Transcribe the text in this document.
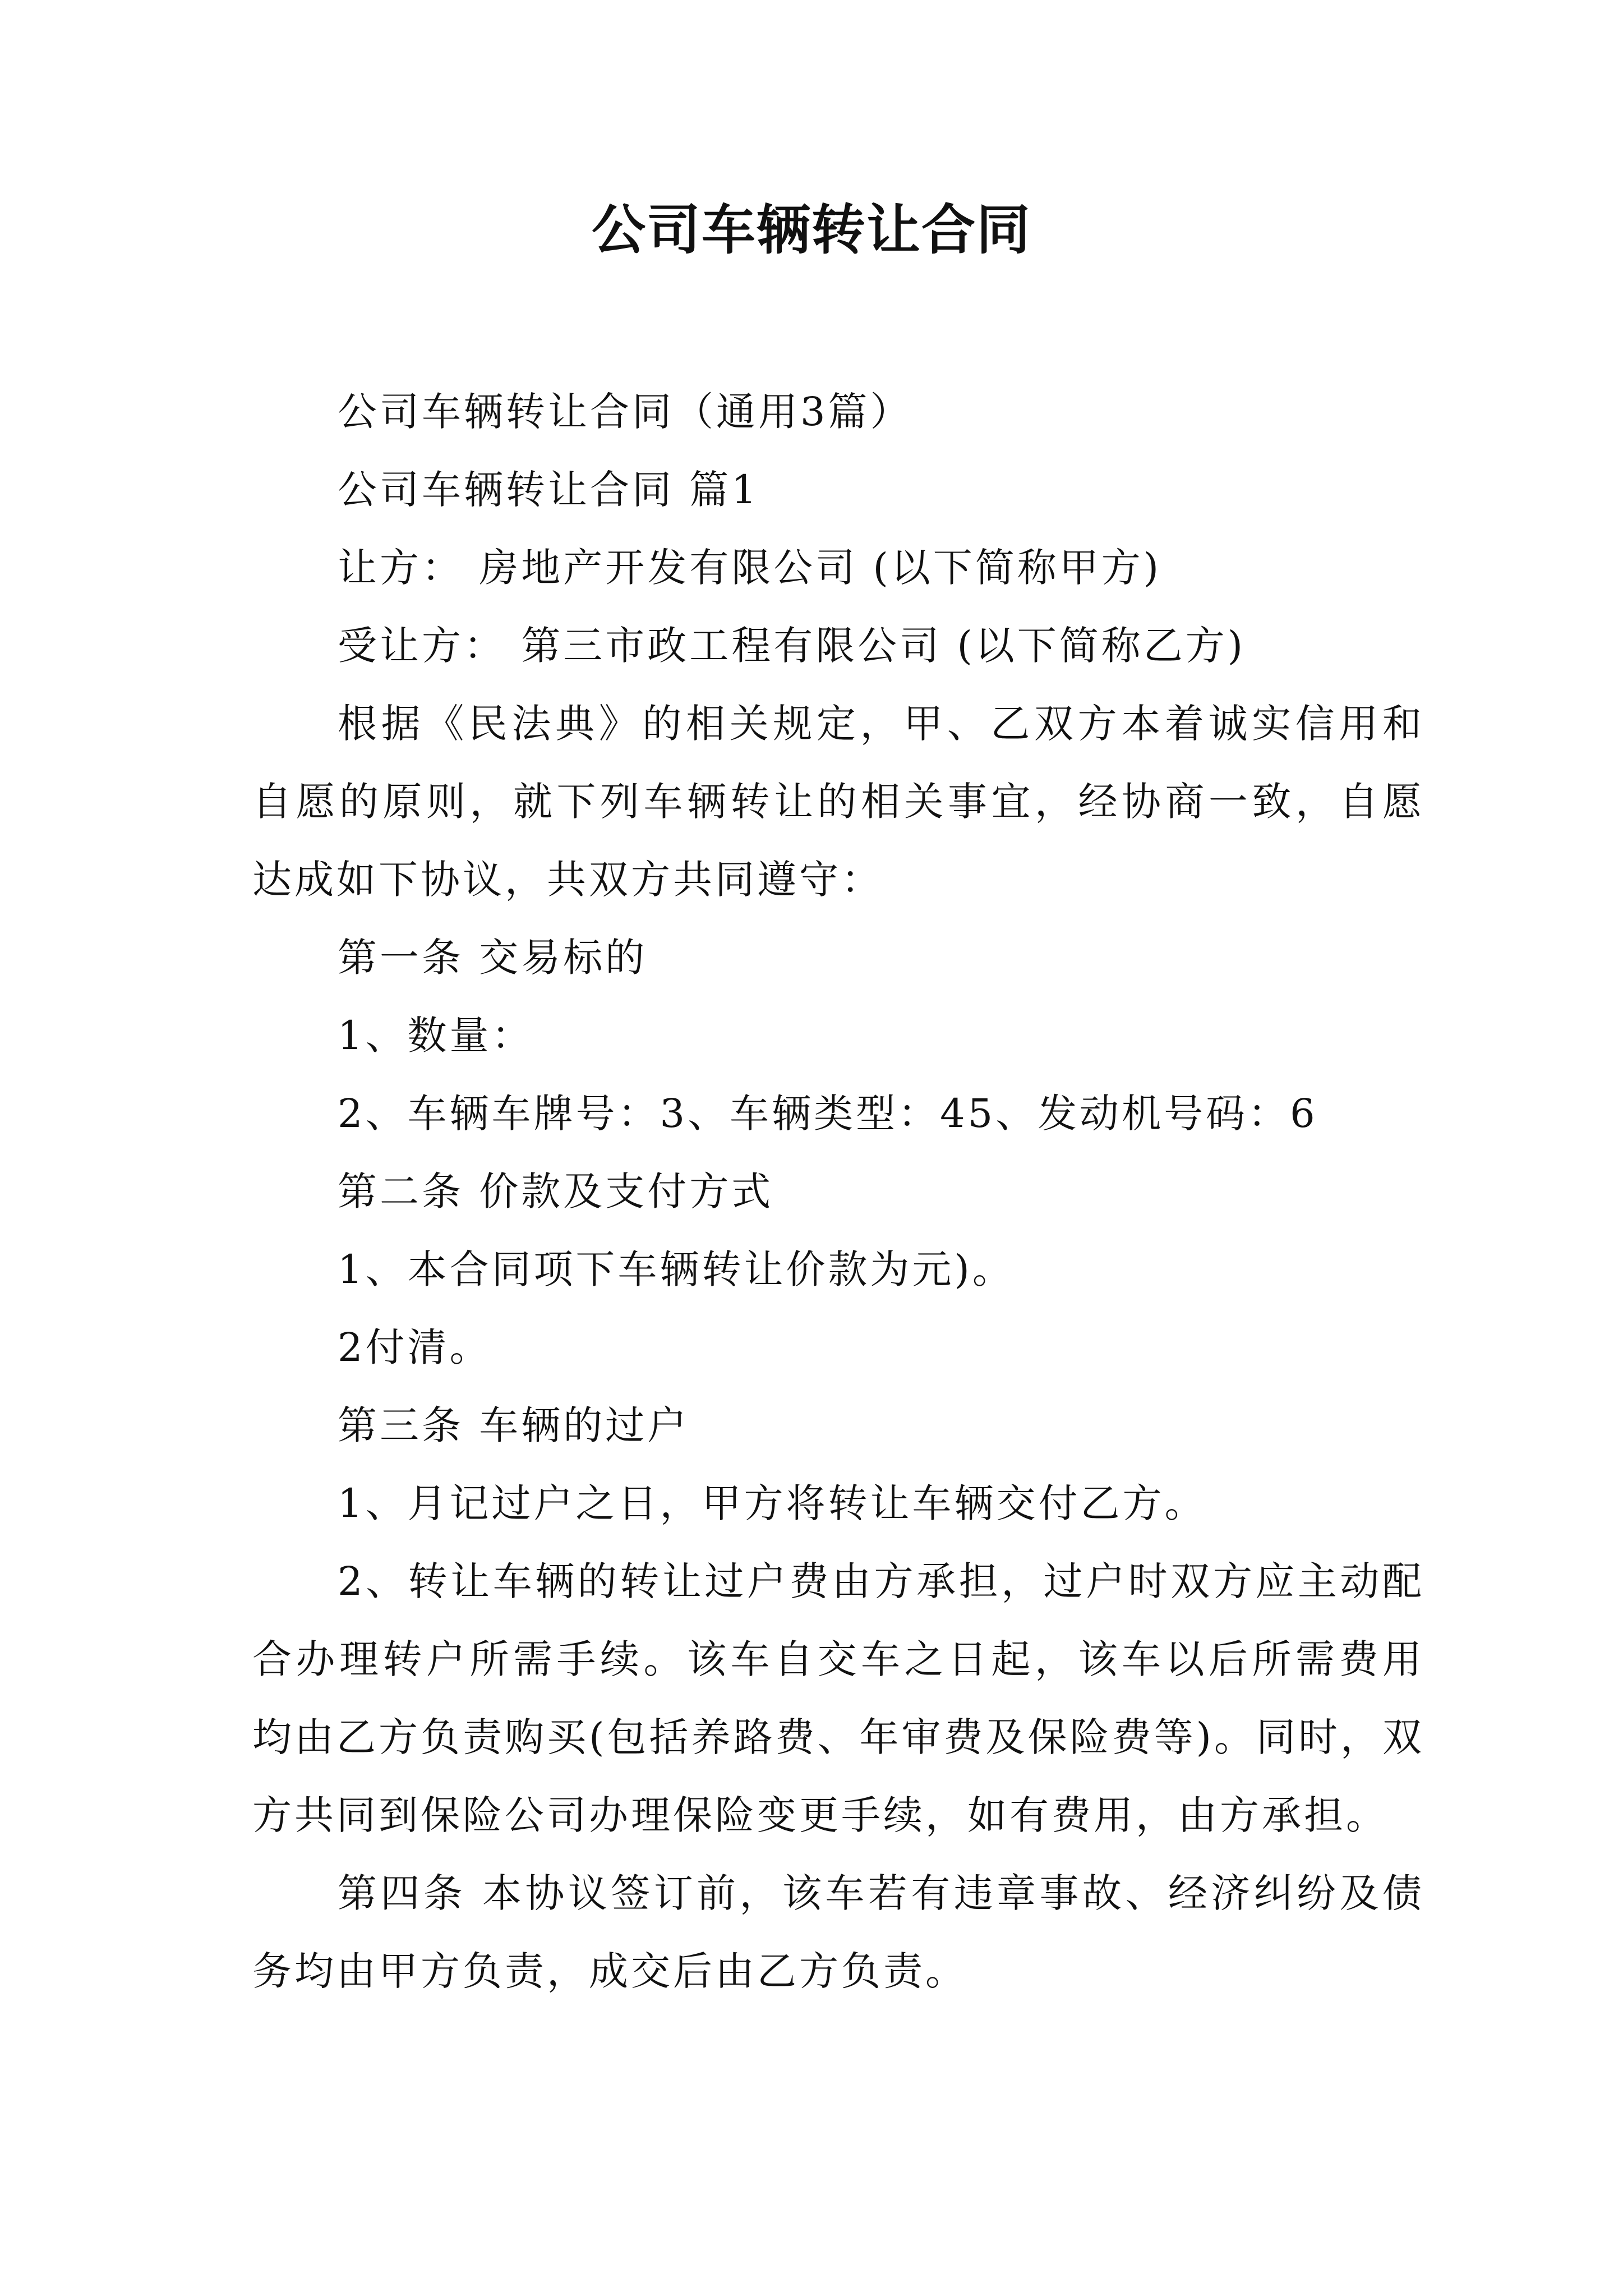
公司车辆转让合同

公司车辆转让合同（通用3篇）

公司车辆转让合同 篇1

让方： 房地产开发有限公司 (以下简称甲方)

受让方： 第三市政工程有限公司 (以下简称乙方)

根据《民法典》的相关规定，甲、乙双方本着诚实信用和自愿的原则，就下列车辆转让的相关事宜，经协商一致，自愿达成如下协议，共双方共同遵守：

第一条 交易标的

1、数量：

2、车辆车牌号：3、车辆类型：45、发动机号码：6

第二条 价款及支付方式

1、本合同项下车辆转让价款为元)。

2付清。

第三条 车辆的过户

1、月记过户之日，甲方将转让车辆交付乙方。

2、转让车辆的转让过户费由方承担，过户时双方应主动配合办理转户所需手续。该车自交车之日起，该车以后所需费用均由乙方负责购买(包括养路费、年审费及保险费等)。同时，双方共同到保险公司办理保险变更手续，如有费用，由方承担。

第四条 本协议签订前，该车若有违章事故、经济纠纷及债务均由甲方负责，成交后由乙方负责。
